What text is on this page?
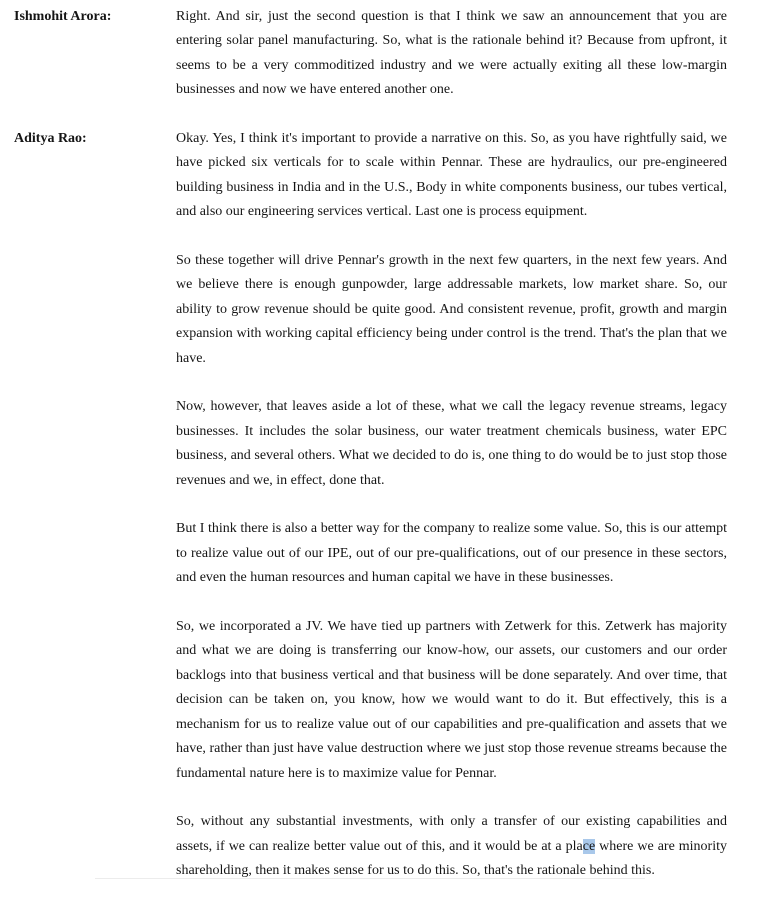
Ishmohit Arora:	Right. And sir, just the second question is that I think we saw an announcement that you are entering solar panel manufacturing. So, what is the rationale behind it? Because from upfront, it seems to be a very commoditized industry and we were actually exiting all these low-margin businesses and now we have entered another one.

Aditya Rao:	Okay. Yes, I think it's important to provide a narrative on this. So, as you have rightfully said, we have picked six verticals for to scale within Pennar. These are hydraulics, our pre-engineered building business in India and in the U.S., Body in white components business, our tubes vertical, and also our engineering services vertical. Last one is process equipment.

So these together will drive Pennar's growth in the next few quarters, in the next few years. And we believe there is enough gunpowder, large addressable markets, low market share. So, our ability to grow revenue should be quite good. And consistent revenue, profit, growth and margin expansion with working capital efficiency being under control is the trend. That's the plan that we have.

Now, however, that leaves aside a lot of these, what we call the legacy revenue streams, legacy businesses. It includes the solar business, our water treatment chemicals business, water EPC business, and several others. What we decided to do is, one thing to do would be to just stop those revenues and we, in effect, done that.

But I think there is also a better way for the company to realize some value. So, this is our attempt to realize value out of our IPE, out of our pre-qualifications, out of our presence in these sectors, and even the human resources and human capital we have in these businesses.

So, we incorporated a JV. We have tied up partners with Zetwerk for this. Zetwerk has majority and what we are doing is transferring our know-how, our assets, our customers and our order backlogs into that business vertical and that business will be done separately. And over time, that decision can be taken on, you know, how we would want to do it. But effectively, this is a mechanism for us to realize value out of our capabilities and pre-qualification and assets that we have, rather than just have value destruction where we just stop those revenue streams because the fundamental nature here is to maximize value for Pennar.

So, without any substantial investments, with only a transfer of our existing capabilities and assets, if we can realize better value out of this, and it would be at a place where we are minority shareholding, then it makes sense for us to do this. So, that's the rationale behind this.
